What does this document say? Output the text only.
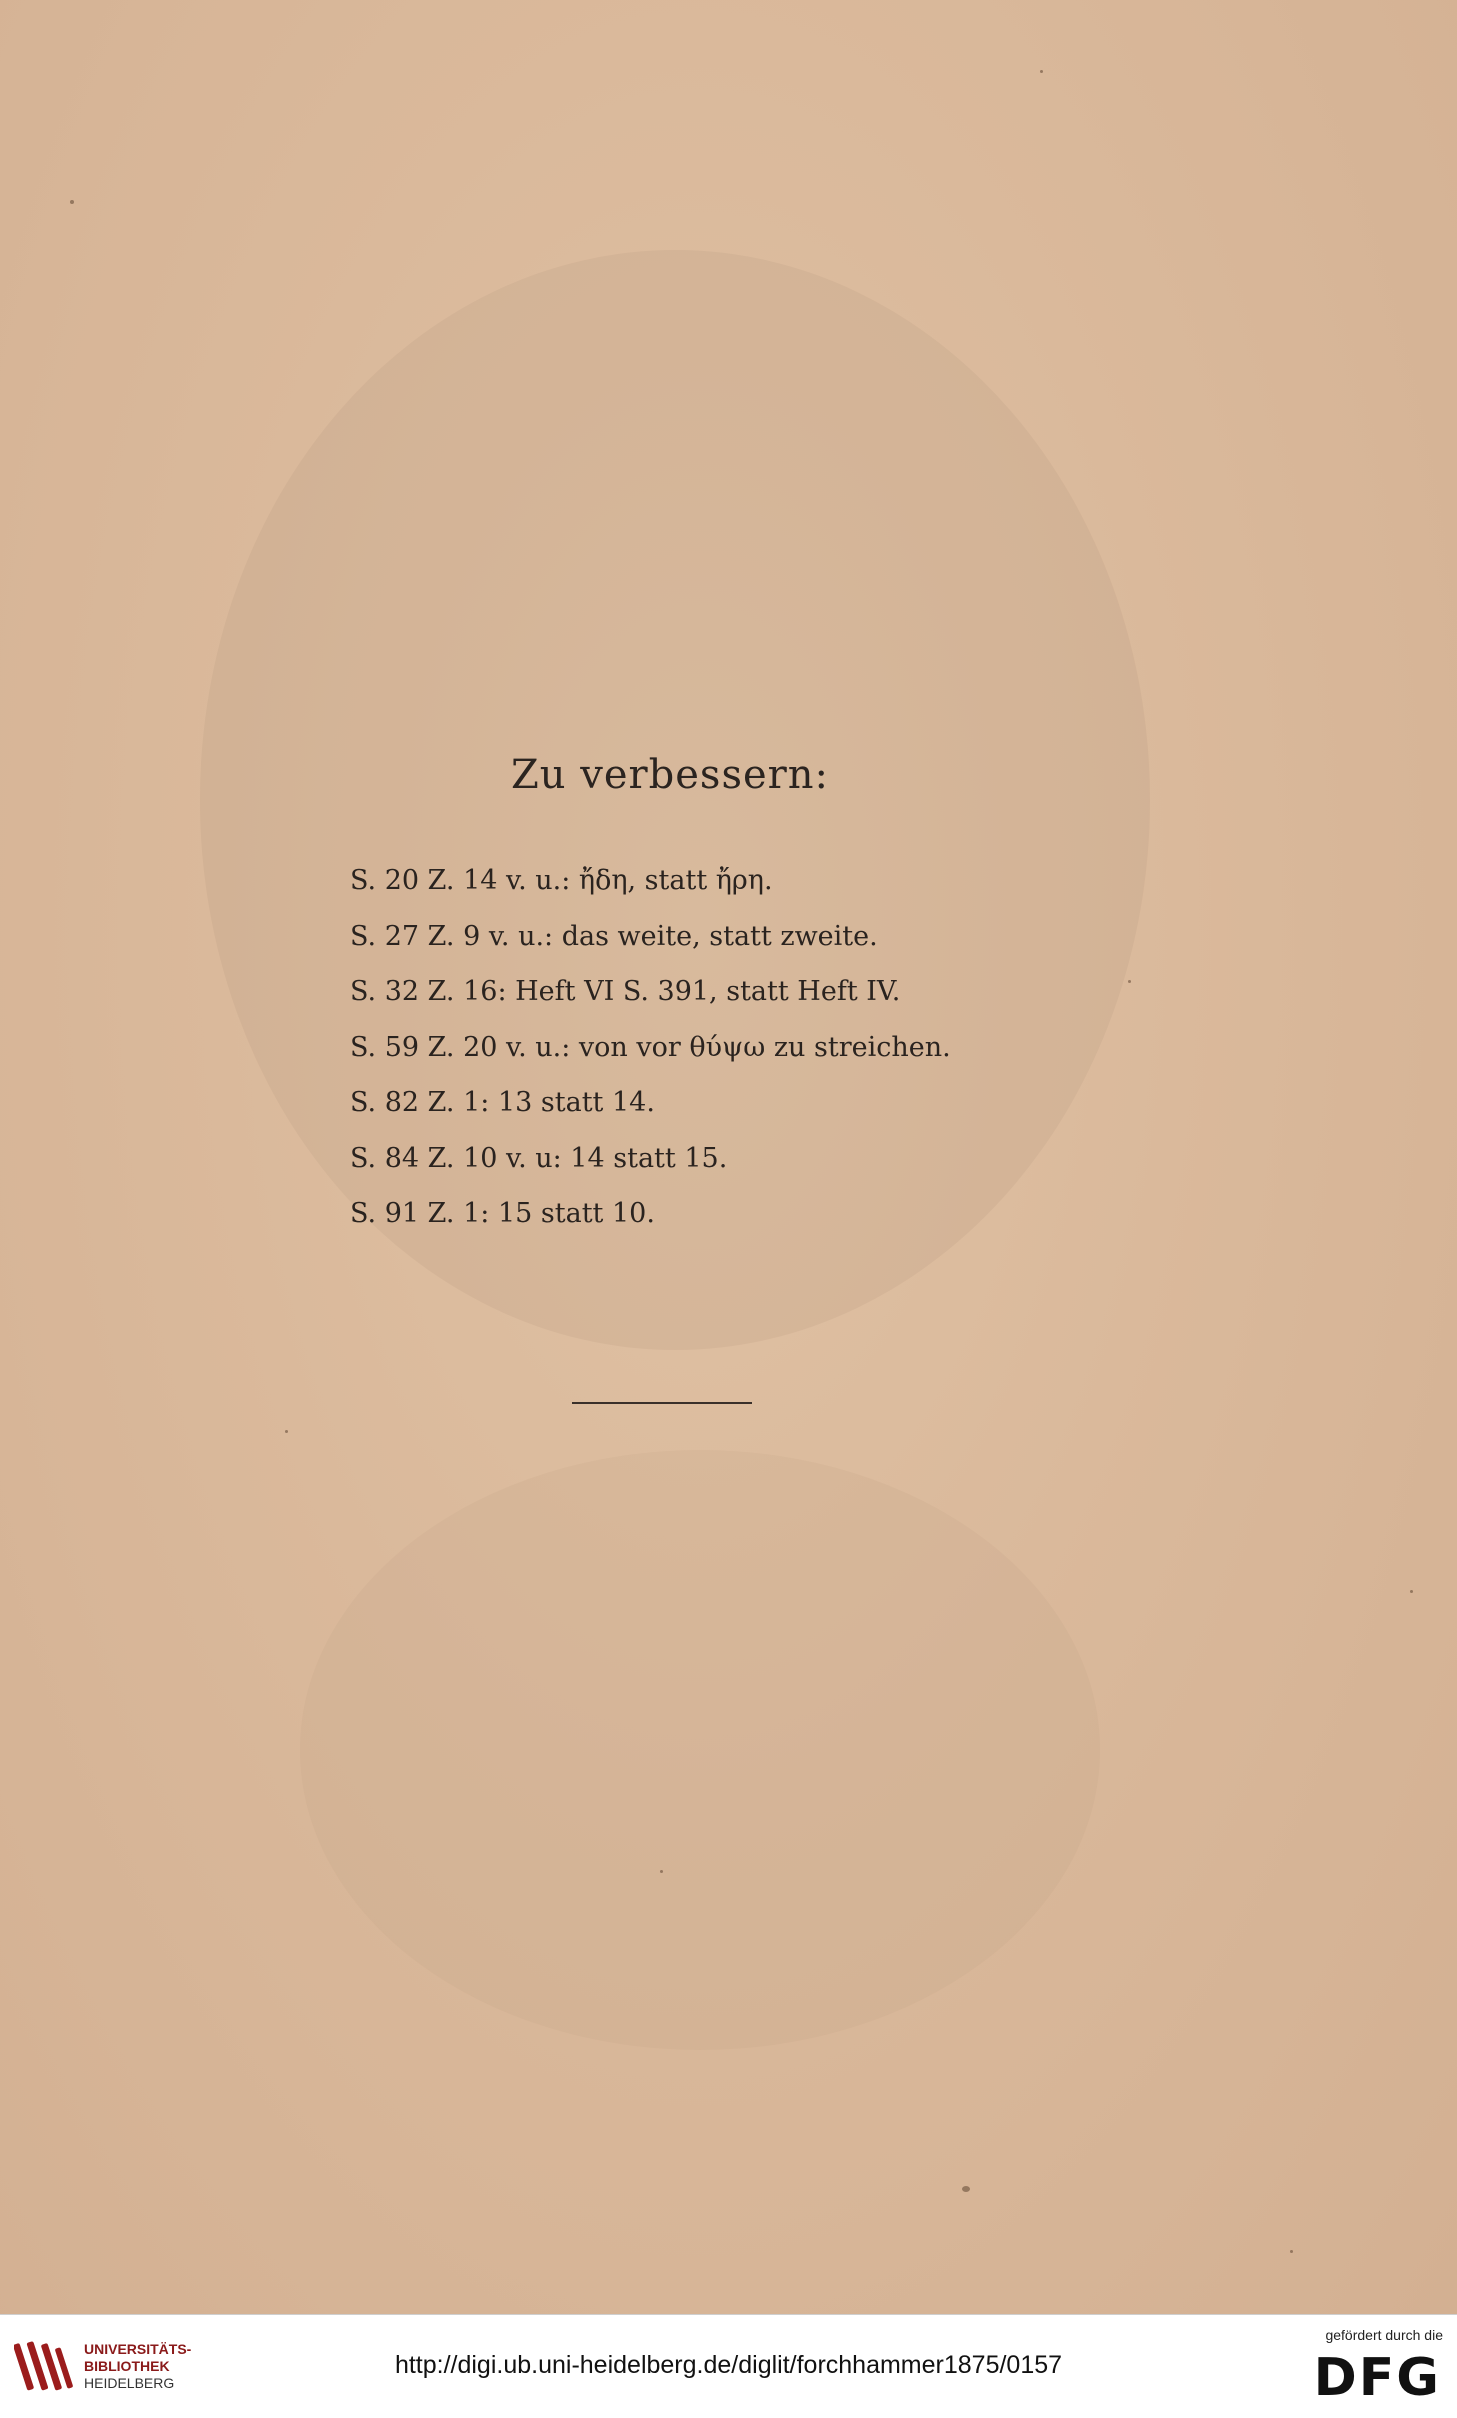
Zu verbessern:
S. 20 Z. 14 v. u.: ἤδη, statt ἤρη.
S. 27 Z. 9 v. u.: das weite, statt zweite.
S. 32 Z. 16: Heft VI S. 391, statt Heft IV.
S. 59 Z. 20 v. u.: von vor θύψω zu streichen.
S. 82 Z. 1: 13 statt 14.
S. 84 Z. 10 v. u: 14 statt 15.
S. 91 Z. 1: 15 statt 10.
UNIVERSITÄTS-
BIBLIOTHEK
HEIDELBERG
http://digi.ub.uni-heidelberg.de/diglit/forchhammer1875/0157
gefördert durch die
DFG
